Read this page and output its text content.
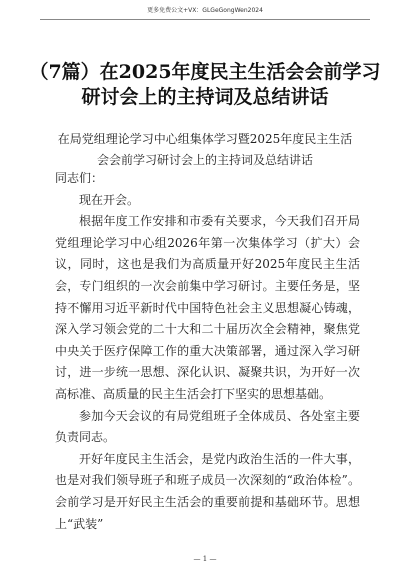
更多免费公文+VX：GLGeGongWen2024
（7篇）在2025年度民主生活会会前学习
研讨会上的主持词及总结讲话
在局党组理论学习中心组集体学习暨2025年度民主生活
会会前学习研讨会上的主持词及总结讲话

同志们：

现在开会。

根据年度工作安排和市委有关要求，今天我们召开局党组理论学习中心组2026年第一次集体学习（扩大）会议，同时，这也是我们为高质量开好2025年度民主生活会，专门组织的一次会前集中学习研讨。主要任务是，坚持不懈用习近平新时代中国特色社会主义思想凝心铸魂，深入学习领会党的二十大和二十届历次全会精神，聚焦党中央关于医疗保障工作的重大决策部署，通过深入学习研讨，进一步统一思想、深化认识、凝聚共识，为开好一次高标准、高质量的民主生活会打下坚实的思想基础。

参加今天会议的有局党组班子全体成员、各处室主要负责同志。

开好年度民主生活会，是党内政治生活的一件大事，也是对我们领导班子和班子成员一次深刻的“政治体检”。会前学习是开好民主生活会的重要前提和基础环节。思想上“武装”

— 1 —
